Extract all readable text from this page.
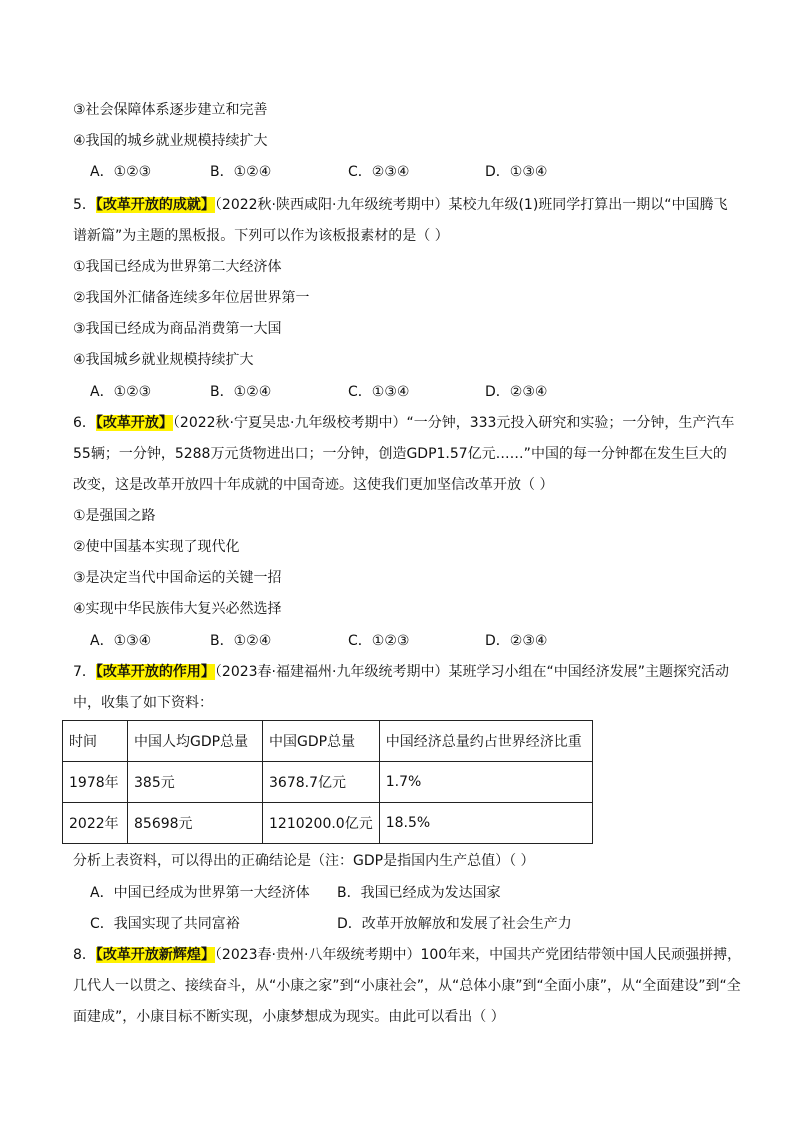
③社会保障体系逐步建立和完善
④我国的城乡就业规模持续扩大
A．①②③	B．①②④	C．②③④	D．①③④
5．【改革开放的成就】（2022秋·陕西咸阳·九年级统考期中）某校九年级(1)班同学打算出一期以“中国腾飞
谱新篇”为主题的黑板报。下列可以作为该板报素材的是（ ）
①我国已经成为世界第二大经济体
②我国外汇储备连续多年位居世界第一
③我国已经成为商品消费第一大国
④我国城乡就业规模持续扩大
A．①②③	B．①②④	C．①③④	D．②③④
6．【改革开放】（2022秋·宁夏吴忠·九年级校考期中）“一分钟，333元投入研究和实验；一分钟，生产汽车
55辆；一分钟，5288万元货物进出口；一分钟，创造GDP1.57亿元……”中国的每一分钟都在发生巨大的
改变，这是改革开放四十年成就的中国奇迹。这使我们更加坚信改革开放（ ）
①是强国之路
②使中国基本实现了现代化
③是决定当代中国命运的关键一招
④实现中华民族伟大复兴必然选择
A．①③④	B．①②④	C．①②③	D．②③④
7．【改革开放的作用】（2023春·福建福州·九年级统考期中）某班学习小组在“中国经济发展”主题探究活动
中，收集了如下资料：
时间	中国人均GDP总量	中国GDP总量	中国经济总量约占世界经济比重
1978年	385元	3678.7亿元	1.7%
2022年	85698元	1210200.0亿元	18.5%
分析上表资料，可以得出的正确结论是（注：GDP是指国内生产总值）（ ）
A．中国已经成为世界第一大经济体 B．我国已经成为发达国家
C．我国实现了共同富裕	D．改革开放解放和发展了社会生产力
8．【改革开放新辉煌】（2023春·贵州·八年级统考期中）100年来，中国共产党团结带领中国人民顽强拼搏，
几代人一以贯之、接续奋斗，从“小康之家”到“小康社会”，从“总体小康”到“全面小康”，从“全面建设”到“全
面建成”，小康目标不断实现，小康梦想成为现实。由此可以看出（ ）
